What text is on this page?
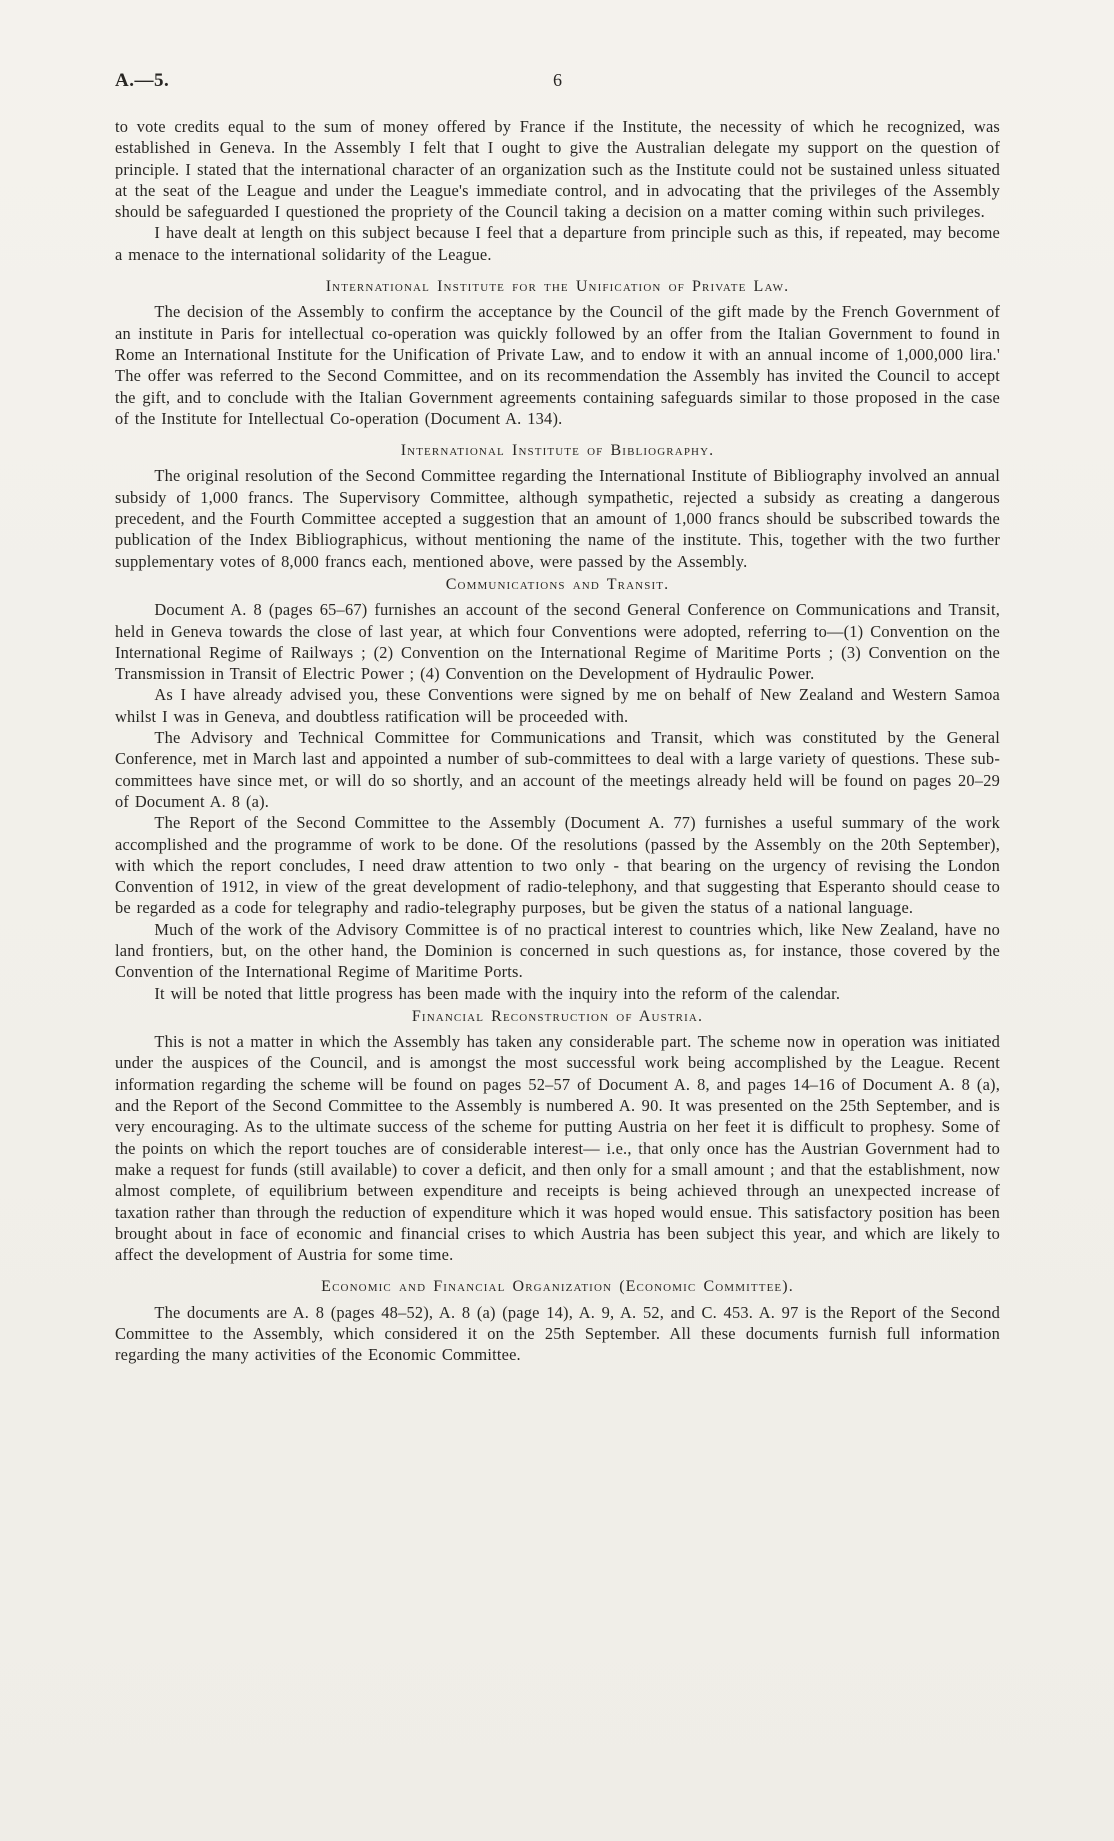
A.—5.	6

to vote credits equal to the sum of money offered by France if the Institute, the necessity of which he recognized, was established in Geneva. In the Assembly I felt that I ought to give the Australian delegate my support on the question of principle. I stated that the international character of an organization such as the Institute could not be sustained unless situated at the seat of the League and under the League's immediate control, and in advocating that the privileges of the Assembly should be safeguarded I questioned the propriety of the Council taking a decision on a matter coming within such privileges.

I have dealt at length on this subject because I feel that a departure from principle such as this, if repeated, may become a menace to the international solidarity of the League.

International Institute for the Unification of Private Law.

The decision of the Assembly to confirm the acceptance by the Council of the gift made by the French Government of an institute in Paris for intellectual co-operation was quickly followed by an offer from the Italian Government to found in Rome an International Institute for the Unification of Private Law, and to endow it with an annual income of 1,000,000 lira.' The offer was referred to the Second Committee, and on its recommendation the Assembly has invited the Council to accept the gift, and to conclude with the Italian Government agreements containing safeguards similar to those proposed in the case of the Institute for Intellectual Co-operation (Document A. 134).

International Institute of Bibliography.

The original resolution of the Second Committee regarding the International Institute of Bibliography involved an annual subsidy of 1,000 francs. The Supervisory Committee, although sympathetic, rejected a subsidy as creating a dangerous precedent, and the Fourth Committee accepted a suggestion that an amount of 1,000 francs should be subscribed towards the publication of the Index Bibliographicus, without mentioning the name of the institute. This, together with the two further supplementary votes of 8,000 francs each, mentioned above, were passed by the Assembly.

Communications and Transit.

Document A. 8 (pages 65–67) furnishes an account of the second General Conference on Communications and Transit, held in Geneva towards the close of last year, at which four Conventions were adopted, referring to—(1) Convention on the International Regime of Railways ; (2) Convention on the International Regime of Maritime Ports ; (3) Convention on the Transmission in Transit of Electric Power ; (4) Convention on the Development of Hydraulic Power.

As I have already advised you, these Conventions were signed by me on behalf of New Zealand and Western Samoa whilst I was in Geneva, and doubtless ratification will be proceeded with.

The Advisory and Technical Committee for Communications and Transit, which was constituted by the General Conference, met in March last and appointed a number of sub-committees to deal with a large variety of questions. These sub-committees have since met, or will do so shortly, and an account of the meetings already held will be found on pages 20–29 of Document A. 8 (a).

The Report of the Second Committee to the Assembly (Document A. 77) furnishes a useful summary of the work accomplished and the programme of work to be done. Of the resolutions (passed by the Assembly on the 20th September), with which the report concludes, I need draw attention to two only - that bearing on the urgency of revising the London Convention of 1912, in view of the great development of radio-telephony, and that suggesting that Esperanto should cease to be regarded as a code for telegraphy and radio-telegraphy purposes, but be given the status of a national language.

Much of the work of the Advisory Committee is of no practical interest to countries which, like New Zealand, have no land frontiers, but, on the other hand, the Dominion is concerned in such questions as, for instance, those covered by the Convention of the International Regime of Maritime Ports.

It will be noted that little progress has been made with the inquiry into the reform of the calendar.

Financial Reconstruction of Austria.

This is not a matter in which the Assembly has taken any considerable part. The scheme now in operation was initiated under the auspices of the Council, and is amongst the most successful work being accomplished by the League. Recent information regarding the scheme will be found on pages 52–57 of Document A. 8, and pages 14–16 of Document A. 8 (a), and the Report of the Second Committee to the Assembly is numbered A. 90. It was presented on the 25th September, and is very encouraging. As to the ultimate success of the scheme for putting Austria on her feet it is difficult to prophesy. Some of the points on which the report touches are of considerable interest— i.e., that only once has the Austrian Government had to make a request for funds (still available) to cover a deficit, and then only for a small amount ; and that the establishment, now almost complete, of equilibrium between expenditure and receipts is being achieved through an unexpected increase of taxation rather than through the reduction of expenditure which it was hoped would ensue. This satisfactory position has been brought about in face of economic and financial crises to which Austria has been subject this year, and which are likely to affect the development of Austria for some time.

Economic and Financial Organization (Economic Committee).

The documents are A. 8 (pages 48–52), A. 8 (a) (page 14), A. 9, A. 52, and C. 453. A. 97 is the Report of the Second Committee to the Assembly, which considered it on the 25th September. All these documents furnish full information regarding the many activities of the Economic Committee.
